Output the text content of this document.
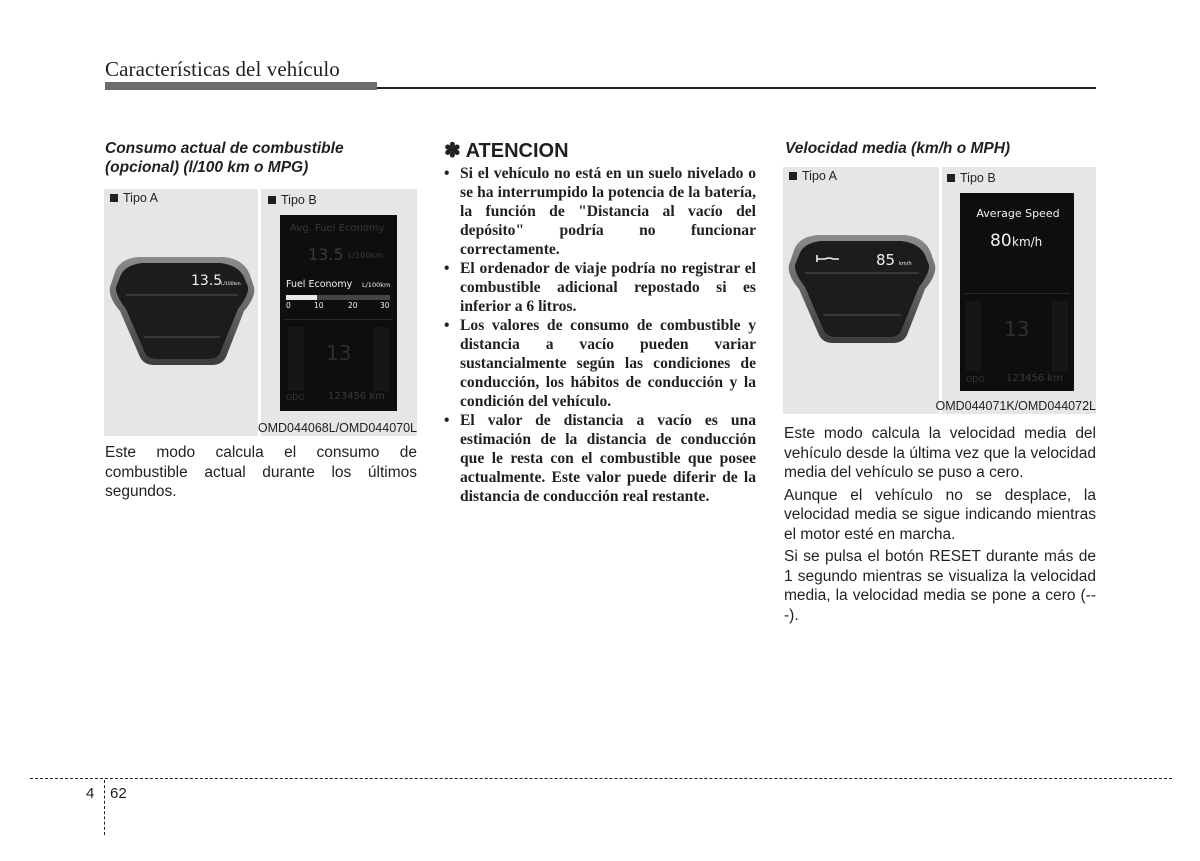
Características del vehículo
Consumo actual de combustible
(opcional) (l/100 km o MPG)
Tipo A	Tipo B
13.5
L/100km
Avg. Fuel Economy
13.5 L/100km
Fuel Economy L/100km
0	10	20	30
13
ODO 123456 km
OMD044068L/OMD044070L
Este modo calcula el consumo de combustible actual durante los últimos segundos.
✽ ATENCION
• Si el vehículo no está en un suelo nivelado o se ha interrumpido la potencia de la batería, la función de "Distancia al vacío del depósito" podría no funcionar correctamente.
• El ordenador de viaje podría no registrar el combustible adicional repostado si es inferior a 6 litros.
• Los valores de consumo de combustible y distancia a vacío pueden variar sustancialmente según las condiciones de conducción, los hábitos de conducción y la condición del vehículo.
• El valor de distancia a vacío es una estimación de la distancia de conducción que le resta con el combustible que posee actualmente. Este valor puede diferir de la distancia de conducción real restante.
Velocidad media (km/h o MPH)
Tipo A	Tipo B
85 km/h
Average Speed
80 km/h
13
ODO 123456 km
OMD044071K/OMD044072L

Este modo calcula la velocidad media del vehículo desde la última vez que la velocidad media del vehículo se puso a cero.

Aunque el vehículo no se desplace, la velocidad media se sigue indicando mientras el motor esté en marcha.

Si se pulsa el botón RESET durante más de 1 segundo mientras se visualiza la velocidad media, la velocidad media se pone a cero (---).

4 62
